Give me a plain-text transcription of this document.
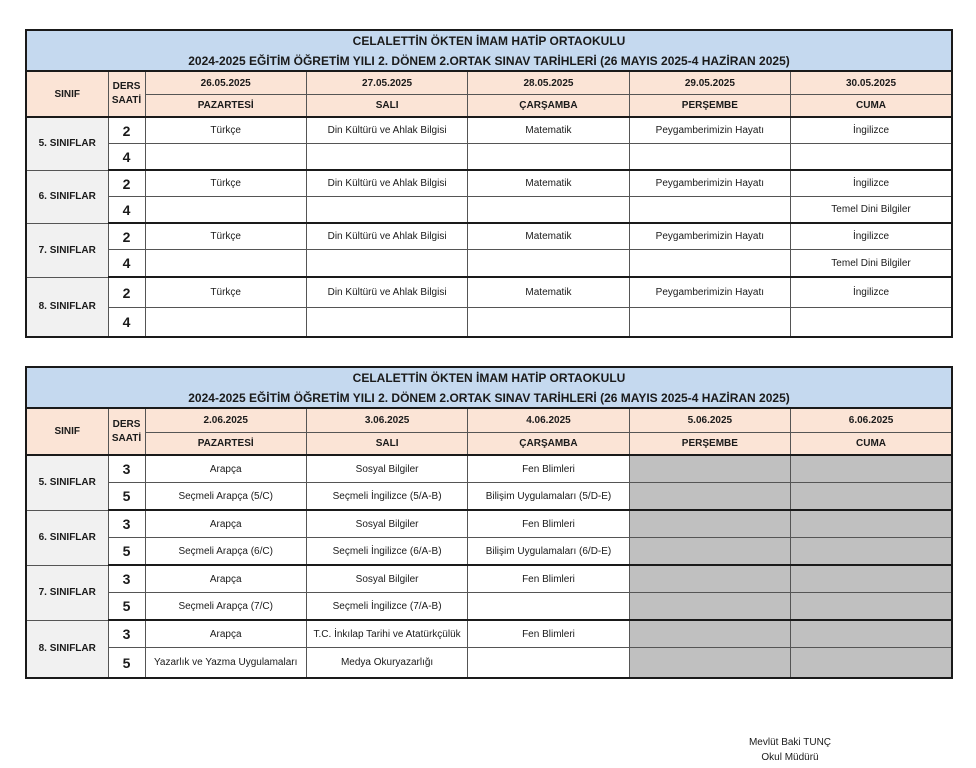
CELALETTİN ÖKTEN İMAM HATİP ORTAOKULU						
2024-2025 EĞİTİM ÖĞRETİM YILI 2. DÖNEM 2.ORTAK SINAV TARİHLERİ (26 MAYIS 2025-4 HAZİRAN 2025)						
SINIF	DERS
SAATİ	26.05.2025	27.05.2025	28.05.2025	29.05.2025	30.05.2025
		PAZARTESİ	SALI	ÇARŞAMBA	PERŞEMBE	CUMA
5. SINIFLAR	2	Türkçe	Din Kültürü ve Ahlak Bilgisi	Matematik	Peygamberimizin Hayatı	İngilizce
	4					
6. SINIFLAR	2	Türkçe	Din Kültürü ve Ahlak Bilgisi	Matematik	Peygamberimizin Hayatı	İngilizce
	4					Temel Dini Bilgiler
7. SINIFLAR	2	Türkçe	Din Kültürü ve Ahlak Bilgisi	Matematik	Peygamberimizin Hayatı	İngilizce
	4					Temel Dini Bilgiler
8. SINIFLAR	2	Türkçe	Din Kültürü ve Ahlak Bilgisi	Matematik	Peygamberimizin Hayatı	İngilizce
	4					
CELALETTİN ÖKTEN İMAM HATİP ORTAOKULU						
2024-2025 EĞİTİM ÖĞRETİM YILI 2. DÖNEM 2.ORTAK SINAV TARİHLERİ (26 MAYIS 2025-4 HAZİRAN 2025)						
SINIF	DERS
SAATİ	2.06.2025	3.06.2025	4.06.2025	5.06.2025	6.06.2025
		PAZARTESİ	SALI	ÇARŞAMBA	PERŞEMBE	CUMA
5. SINIFLAR	3	Arapça	Sosyal Bilgiler	Fen Blimleri		
	5	Seçmeli Arapça (5/C)	Seçmeli İngilizce (5/A-B)	Bilişim Uygulamaları (5/D-E)		
6. SINIFLAR	3	Arapça	Sosyal Bilgiler	Fen Blimleri		
	5	Seçmeli Arapça (6/C)	Seçmeli İngilizce (6/A-B)	Bilişim Uygulamaları (6/D-E)		
7. SINIFLAR	3	Arapça	Sosyal Bilgiler	Fen Blimleri		
	5	Seçmeli Arapça (7/C)	Seçmeli İngilizce (7/A-B)			
8. SINIFLAR	3	Arapça	T.C. İnkılap Tarihi ve Atatürkçülük	Fen Blimleri		
	5	Yazarlık ve Yazma Uygulamaları	Medya Okuryazarlığı			
Mevlüt Baki TUNÇ
Okul Müdürü
